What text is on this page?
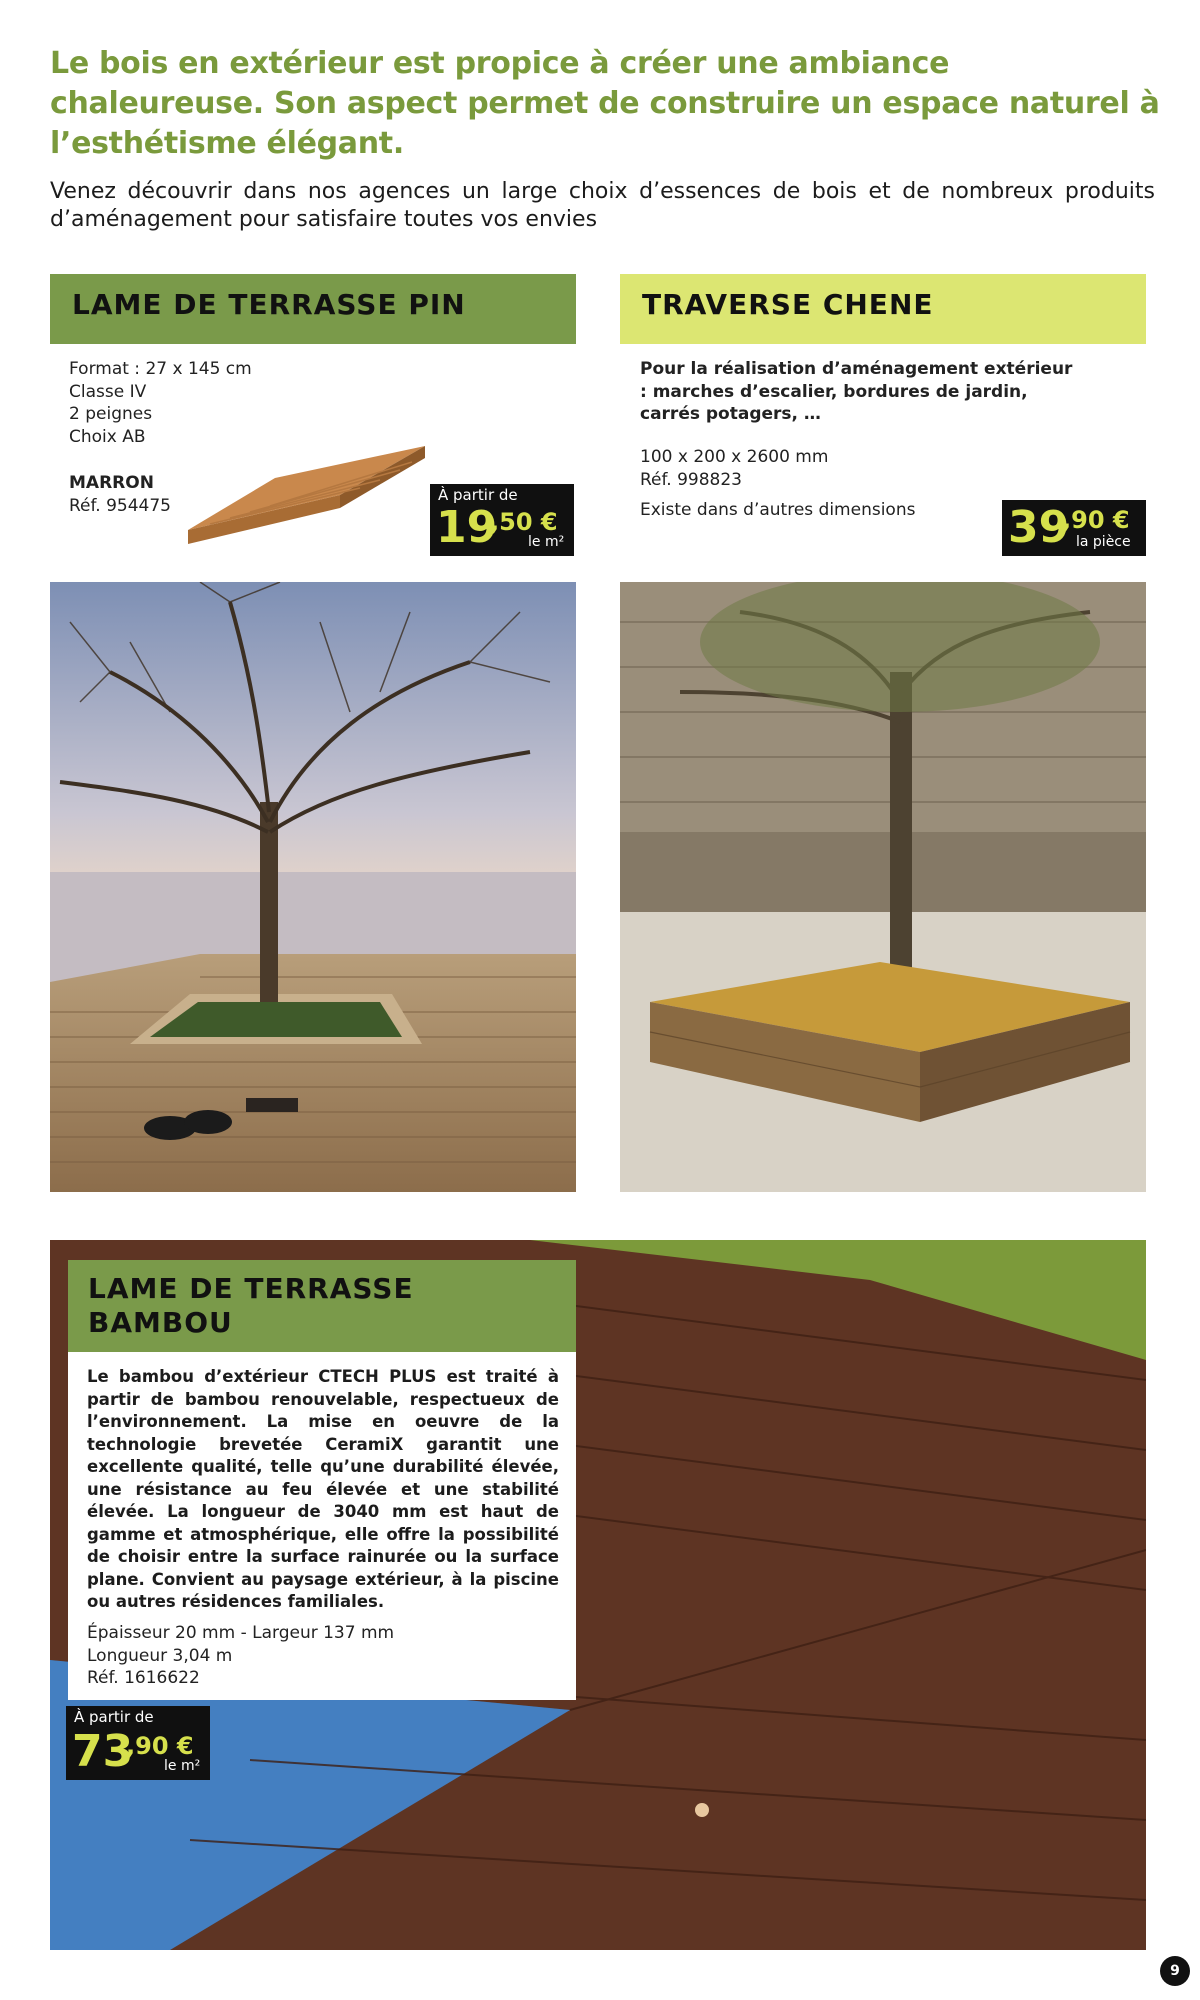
Le bois en extérieur est propice à créer une ambiance chaleureuse. Son aspect permet de construire un espace naturel à l’esthétisme élégant.

Venez découvrir dans nos agences un large choix d’essences de bois et de nombreux produits d’aménagement pour satisfaire toutes vos envies

LAME DE TERRASSE PIN

Format : 27 x 145 cm

Classe IV

2 peignes

Choix AB

MARRON

Réf. 954475

À partir de
19
,50 €
le m²
TRAVERSE CHENE
Pour la réalisation d’aménagement extérieur : marches d’escalier, bordures de jardin, carrés potagers, …

100 x 200 x 2600 mm

Réf. 998823

Existe dans d’autres dimensions	39
,90 €
la pièce
LAME DE TERRASSE
BAMBOU

Le bambou d’extérieur CTECH PLUS est traité à partir de bambou renouvelable, respectueux de l’environnement. La mise en oeuvre de la technologie brevetée CeramiX garantit une excellente qualité, telle qu’une durabilité élevée, une résistance au feu élevée et une stabilité élevée. La longueur de 3040 mm est haut de gamme et atmosphérique, elle offre la possibilité de choisir entre la surface rainurée ou la surface plane. Convient au paysage extérieur, à la piscine ou autres résidences familiales.

Épaisseur 20 mm - Largeur 137 mm

Longueur 3,04 m

Réf. 1616622

À partir de
73
,90 €
le m²
9
